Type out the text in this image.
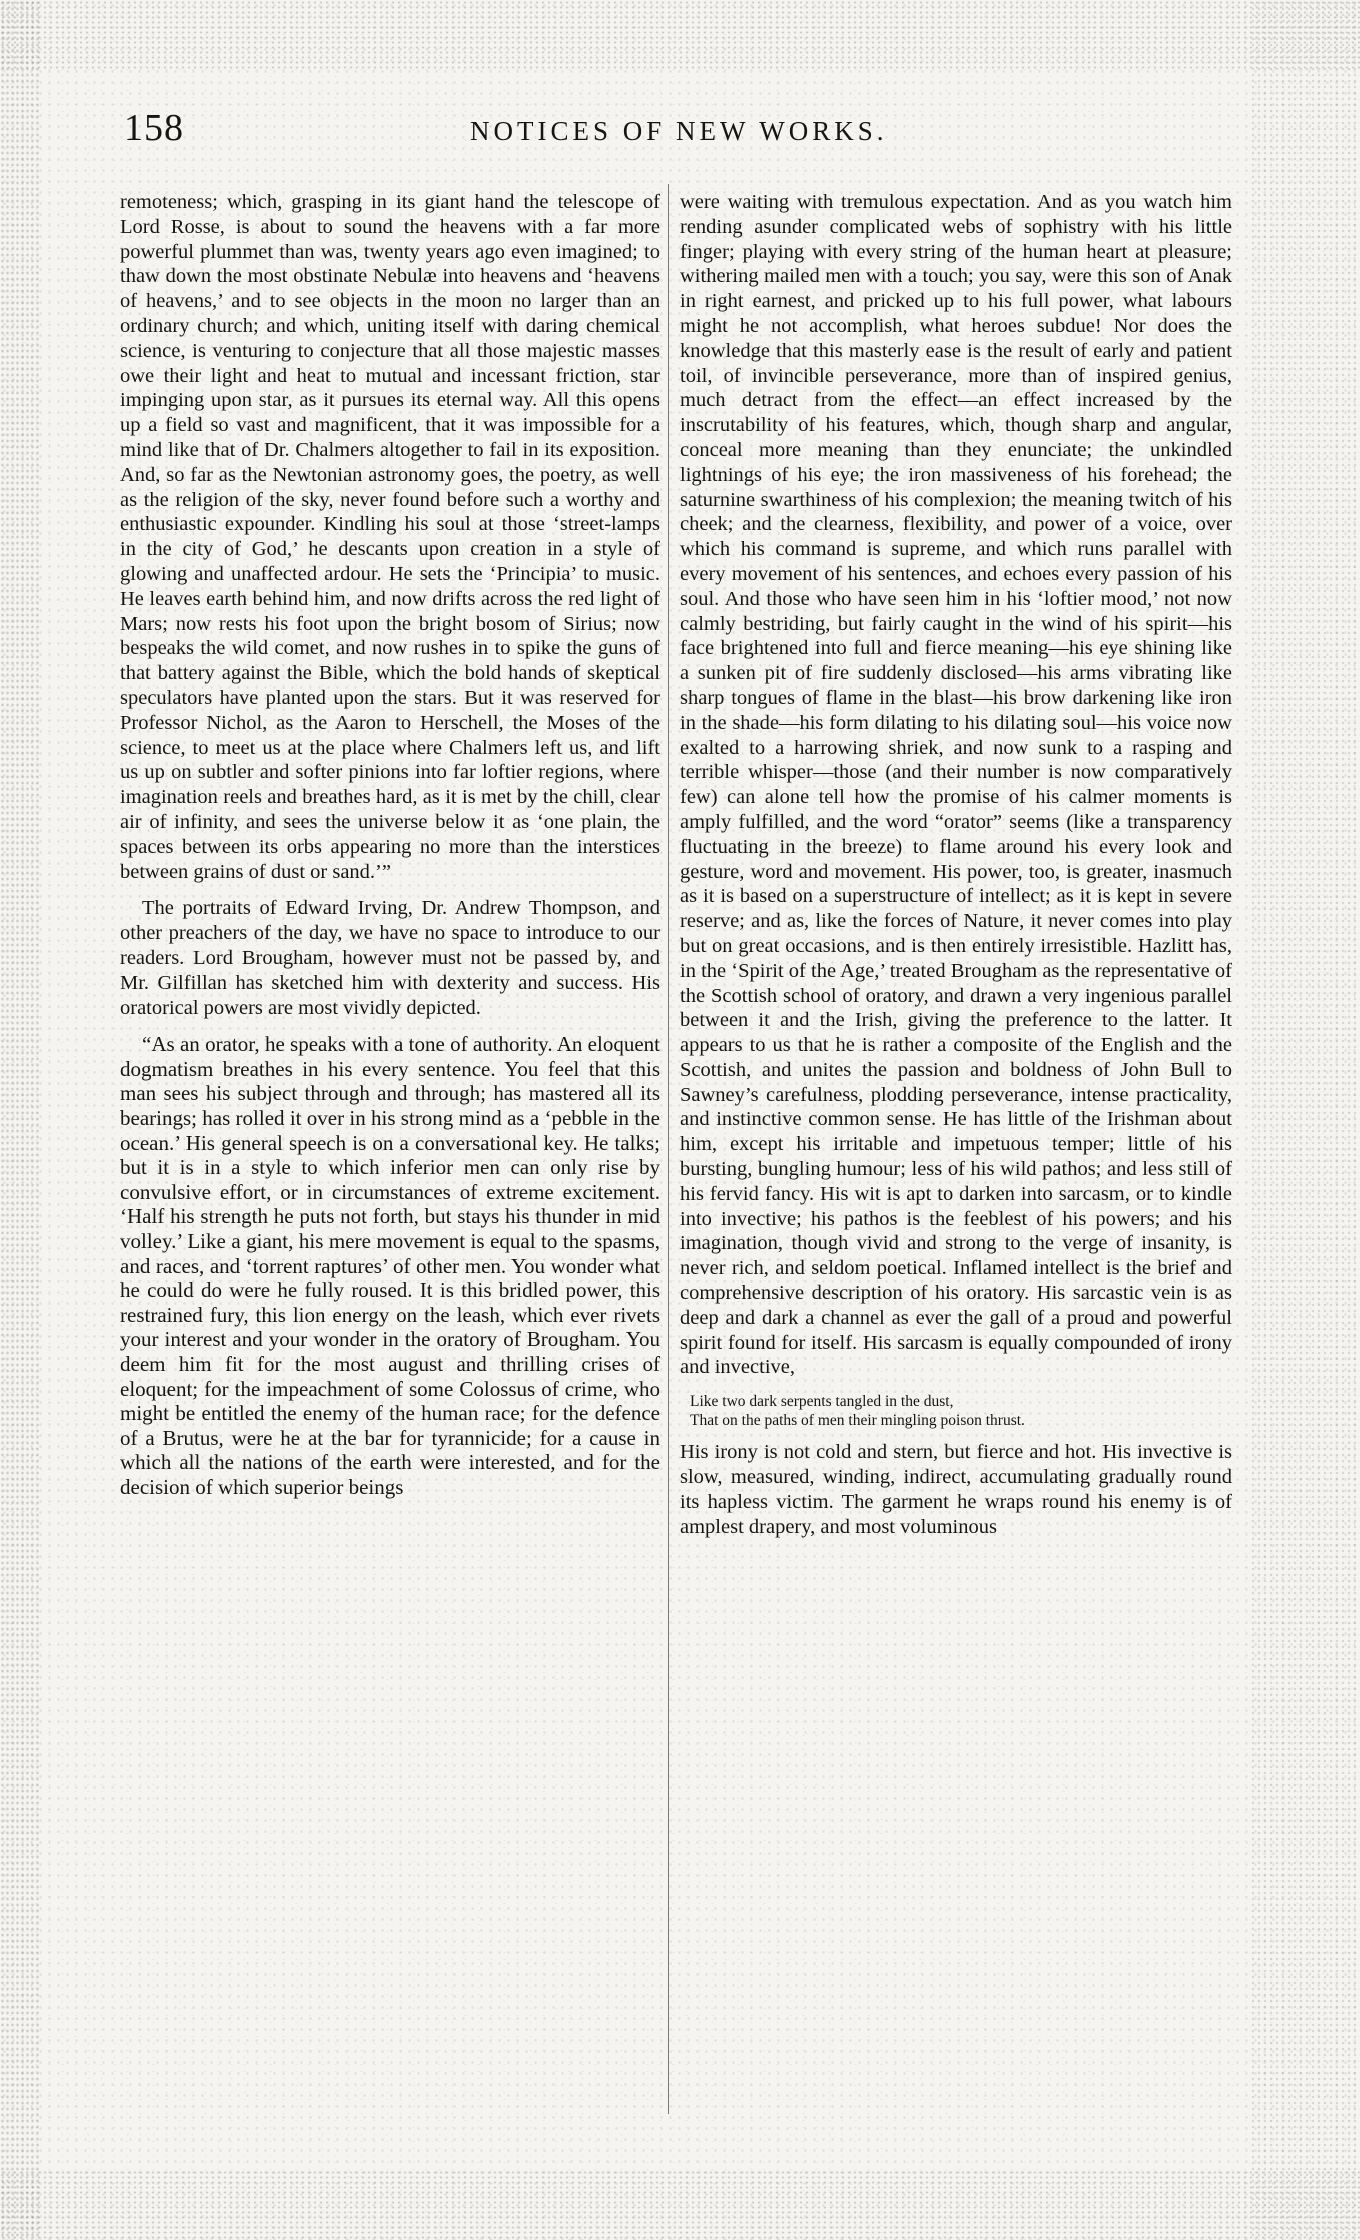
158	NOTICES OF NEW WORKS.

remoteness; which, grasping in its giant hand the telescope of Lord Rosse, is about to sound the heavens with a far more powerful plummet than was, twenty years ago even imagined; to thaw down the most obstinate Nebulæ into heavens and ‘heavens of heavens,’ and to see objects in the moon no larger than an ordinary church; and which, uniting itself with daring chemical science, is venturing to conjecture that all those majestic masses owe their light and heat to mutual and incessant friction, star impinging upon star, as it pursues its eternal way. All this opens up a field so vast and magnificent, that it was impossible for a mind like that of Dr. Chalmers altogether to fail in its exposition. And, so far as the Newtonian astronomy goes, the poetry, as well as the religion of the sky, never found before such a worthy and enthusiastic expounder. Kindling his soul at those ‘street-lamps in the city of God,’ he descants upon creation in a style of glowing and unaffected ardour. He sets the ‘Principia’ to music. He leaves earth behind him, and now drifts across the red light of Mars; now rests his foot upon the bright bosom of Sirius; now bespeaks the wild comet, and now rushes in to spike the guns of that battery against the Bible, which the bold hands of skeptical speculators have planted upon the stars. But it was reserved for Professor Nichol, as the Aaron to Herschell, the Moses of the science, to meet us at the place where Chalmers left us, and lift us up on subtler and softer pinions into far loftier regions, where imagination reels and breathes hard, as it is met by the chill, clear air of infinity, and sees the universe below it as ‘one plain, the spaces between its orbs appearing no more than the interstices between grains of dust or sand.’”

The portraits of Edward Irving, Dr. Andrew Thompson, and other preachers of the day, we have no space to introduce to our readers. Lord Brougham, however must not be passed by, and Mr. Gilfillan has sketched him with dexterity and success. His oratorical powers are most vividly depicted.

“As an orator, he speaks with a tone of authority. An eloquent dogmatism breathes in his every sentence. You feel that this man sees his subject through and through; has mastered all its bearings; has rolled it over in his strong mind as a ‘pebble in the ocean.’ His general speech is on a conversational key. He talks; but it is in a style to which inferior men can only rise by convulsive effort, or in circumstances of extreme excitement. ‘Half his strength he puts not forth, but stays his thunder in mid volley.’ Like a giant, his mere movement is equal to the spasms, and races, and ‘torrent raptures’ of other men. You wonder what he could do were he fully roused. It is this bridled power, this restrained fury, this lion energy on the leash, which ever rivets your interest and your wonder in the oratory of Brougham. You deem him fit for the most august and thrilling crises of eloquent; for the impeachment of some Colossus of crime, who might be entitled the enemy of the human race; for the defence of a Brutus, were he at the bar for tyrannicide; for a cause in which all the nations of the earth were interested, and for the decision of which superior beings

were waiting with tremulous expectation. And as you watch him rending asunder complicated webs of sophistry with his little finger; playing with every string of the human heart at pleasure; withering mailed men with a touch; you say, were this son of Anak in right earnest, and pricked up to his full power, what labours might he not accomplish, what heroes subdue! Nor does the knowledge that this masterly ease is the result of early and patient toil, of invincible perseverance, more than of inspired genius, much detract from the effect—an effect increased by the inscrutability of his features, which, though sharp and angular, conceal more meaning than they enunciate; the unkindled lightnings of his eye; the iron massiveness of his forehead; the saturnine swarthiness of his complexion; the meaning twitch of his cheek; and the clearness, flexibility, and power of a voice, over which his command is supreme, and which runs parallel with every movement of his sentences, and echoes every passion of his soul. And those who have seen him in his ‘loftier mood,’ not now calmly bestriding, but fairly caught in the wind of his spirit—his face brightened into full and fierce meaning—his eye shining like a sunken pit of fire suddenly disclosed—his arms vibrating like sharp tongues of flame in the blast—his brow darkening like iron in the shade—his form dilating to his dilating soul—his voice now exalted to a harrowing shriek, and now sunk to a rasping and terrible whisper—those (and their number is now comparatively few) can alone tell how the promise of his calmer moments is amply fulfilled, and the word “orator” seems (like a transparency fluctuating in the breeze) to flame around his every look and gesture, word and movement. His power, too, is greater, inasmuch as it is based on a superstructure of intellect; as it is kept in severe reserve; and as, like the forces of Nature, it never comes into play but on great occasions, and is then entirely irresistible. Hazlitt has, in the ‘Spirit of the Age,’ treated Brougham as the representative of the Scottish school of oratory, and drawn a very ingenious parallel between it and the Irish, giving the preference to the latter. It appears to us that he is rather a composite of the English and the Scottish, and unites the passion and boldness of John Bull to Sawney’s carefulness, plodding perseverance, intense practicality, and instinctive common sense. He has little of the Irishman about him, except his irritable and impetuous temper; little of his bursting, bungling humour; less of his wild pathos; and less still of his fervid fancy. His wit is apt to darken into sarcasm, or to kindle into invective; his pathos is the feeblest of his powers; and his imagination, though vivid and strong to the verge of insanity, is never rich, and seldom poetical. Inflamed intellect is the brief and comprehensive description of his oratory. His sarcastic vein is as deep and dark a channel as ever the gall of a proud and powerful spirit found for itself. His sarcasm is equally compounded of irony and invective,

Like two dark serpents tangled in the dust,
That on the paths of men their mingling poison thrust.

His irony is not cold and stern, but fierce and hot. His invective is slow, measured, winding, indirect, accumulating gradually round its hapless victim. The garment he wraps round his enemy is of amplest drapery, and most voluminous
